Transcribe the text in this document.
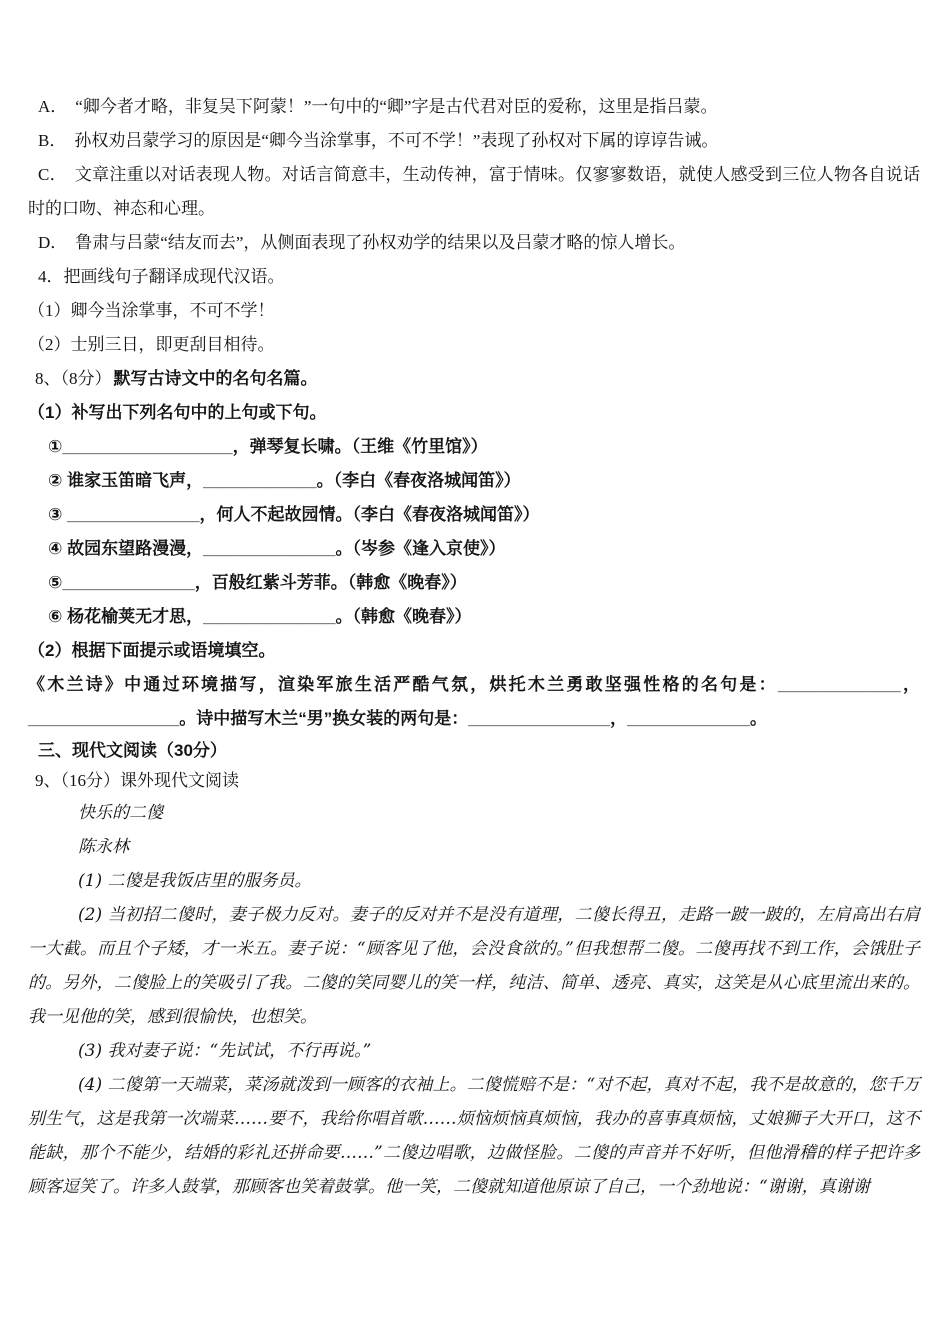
A． “卿今者才略，非复吴下阿蒙！”一句中的“卿”字是古代君对臣的爱称，这里是指吕蒙。

B． 孙权劝吕蒙学习的原因是“卿今当涂掌事，不可不学！”表现了孙权对下属的谆谆告诫。

C． 文章注重以对话表现人物。对话言简意丰，生动传神，富于情味。仅寥寥数语，就使人感受到三位人物各自说话时的口吻、神态和心理。

D． 鲁肃与吕蒙“结友而去”，从侧面表现了孙权劝学的结果以及吕蒙才略的惊人增长。

4．把画线句子翻译成现代汉语。

（1）卿今当涂掌事，不可不学！

（2）士别三日，即更刮目相待。

8、（8分） 默写古诗文中的名句名篇。

（1）补写出下列名句中的上句或下句。

①__________________，弹琴复长啸。（王维《竹里馆》）

② 谁家玉笛暗飞声，____________。（李白《春夜洛城闻笛》）

③ ______________，何人不起故园情。（李白《春夜洛城闻笛》）

④ 故园东望路漫漫，______________。（岑参《逢入京使》）

⑤______________，百般红紫斗芳菲。（韩愈《晚春》）

⑥ 杨花榆荚无才思，______________。（韩愈《晚春》）

（2）根据下面提示或语境填空。

《木兰诗》中通过环境描写，渲染军旅生活严酷气氛，烘托木兰勇敢坚强性格的名句是：_____________，________________。诗中描写木兰“男”换女装的两句是：_______________，_____________。

三、现代文阅读（30分）

9、（16分）课外现代文阅读

快乐的二傻

陈永林

(1) 二傻是我饭店里的服务员。

(2) 当初招二傻时，妻子极力反对。妻子的反对并不是没有道理，二傻长得丑，走路一跛一跛的，左肩高出右肩一大截。而且个子矮，才一米五。妻子说：“顾客见了他，会没食欲的。”但我想帮二傻。二傻再找不到工作，会饿肚子的。另外，二傻脸上的笑吸引了我。二傻的笑同婴儿的笑一样，纯洁、简单、透亮、真实，这笑是从心底里流出来的。我一见他的笑，感到很愉快，也想笑。

(3) 我对妻子说：“先试试，不行再说。”

(4) 二傻第一天端菜，菜汤就泼到一顾客的衣袖上。二傻慌赔不是：“对不起，真对不起，我不是故意的，您千万别生气，这是我第一次端菜……要不，我给你唱首歌……烦恼烦恼真烦恼，我办的喜事真烦恼，丈娘狮子大开口，这不能缺，那个不能少，结婚的彩礼还拼命要……”二傻边唱歌，边做怪脸。二傻的声音并不好听，但他滑稽的样子把许多顾客逗笑了。许多人鼓掌，那顾客也笑着鼓掌。他一笑，二傻就知道他原谅了自己，一个劲地说：“谢谢，真谢谢
